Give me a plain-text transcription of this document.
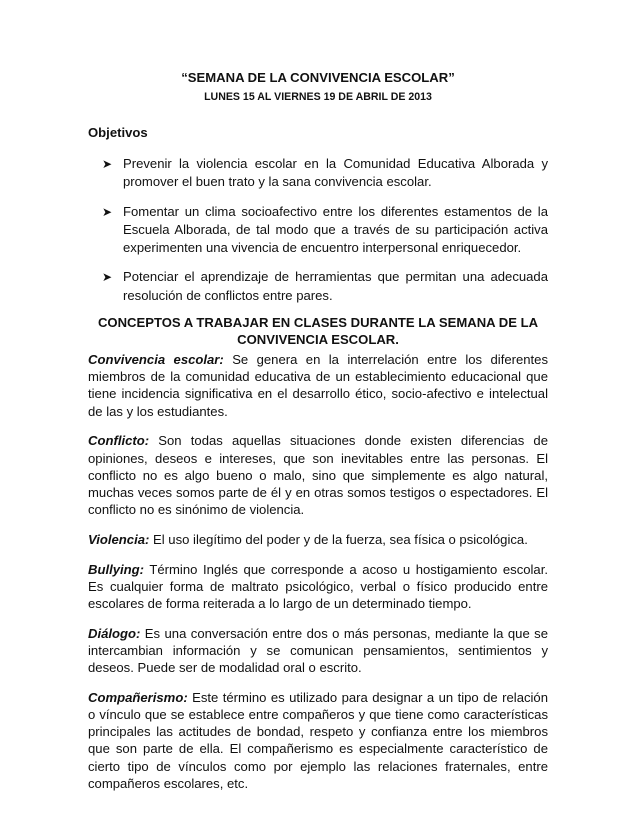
“SEMANA DE LA CONVIVENCIA ESCOLAR”
LUNES 15 AL VIERNES 19 DE ABRIL DE 2013
Objetivos
➤ Prevenir la violencia escolar en la Comunidad Educativa Alborada y promover el buen trato y la sana convivencia escolar.
➤ Fomentar un clima socioafectivo entre los diferentes estamentos de la Escuela Alborada, de tal modo que a través de su participación activa experimenten una vivencia de encuentro interpersonal enriquecedor.
➤ Potenciar el aprendizaje de herramientas que permitan una adecuada resolución de conflictos entre pares.
CONCEPTOS A TRABAJAR EN CLASES DURANTE LA SEMANA DE LA CONVIVENCIA ESCOLAR.

Convivencia escolar: Se genera en la interrelación entre los diferentes miembros de la comunidad educativa de un establecimiento educacional que tiene incidencia significativa en el desarrollo ético, socio-afectivo e intelectual de las y los estudiantes.

Conflicto: Son todas aquellas situaciones donde existen diferencias de opiniones, deseos e intereses, que son inevitables entre las personas. El conflicto no es algo bueno o malo, sino que simplemente es algo natural, muchas veces somos parte de él y en otras somos testigos o espectadores. El conflicto no es sinónimo de violencia.

Violencia: El uso ilegítimo del poder y de la fuerza, sea física o psicológica.

Bullying: Término Inglés que corresponde a acoso u hostigamiento escolar. Es cualquier forma de maltrato psicológico, verbal o físico producido entre escolares de forma reiterada a lo largo de un determinado tiempo.

Diálogo: Es una conversación entre dos o más personas, mediante la que se intercambian información y se comunican pensamientos, sentimientos y deseos. Puede ser de modalidad oral o escrito.

Compañerismo: Este término es utilizado para designar a un tipo de relación o vínculo que se establece entre compañeros y que tiene como características principales las actitudes de bondad, respeto y confianza entre los miembros que son parte de ella. El compañerismo es especialmente característico de cierto tipo de vínculos como por ejemplo las relaciones fraternales, entre compañeros escolares, etc.
